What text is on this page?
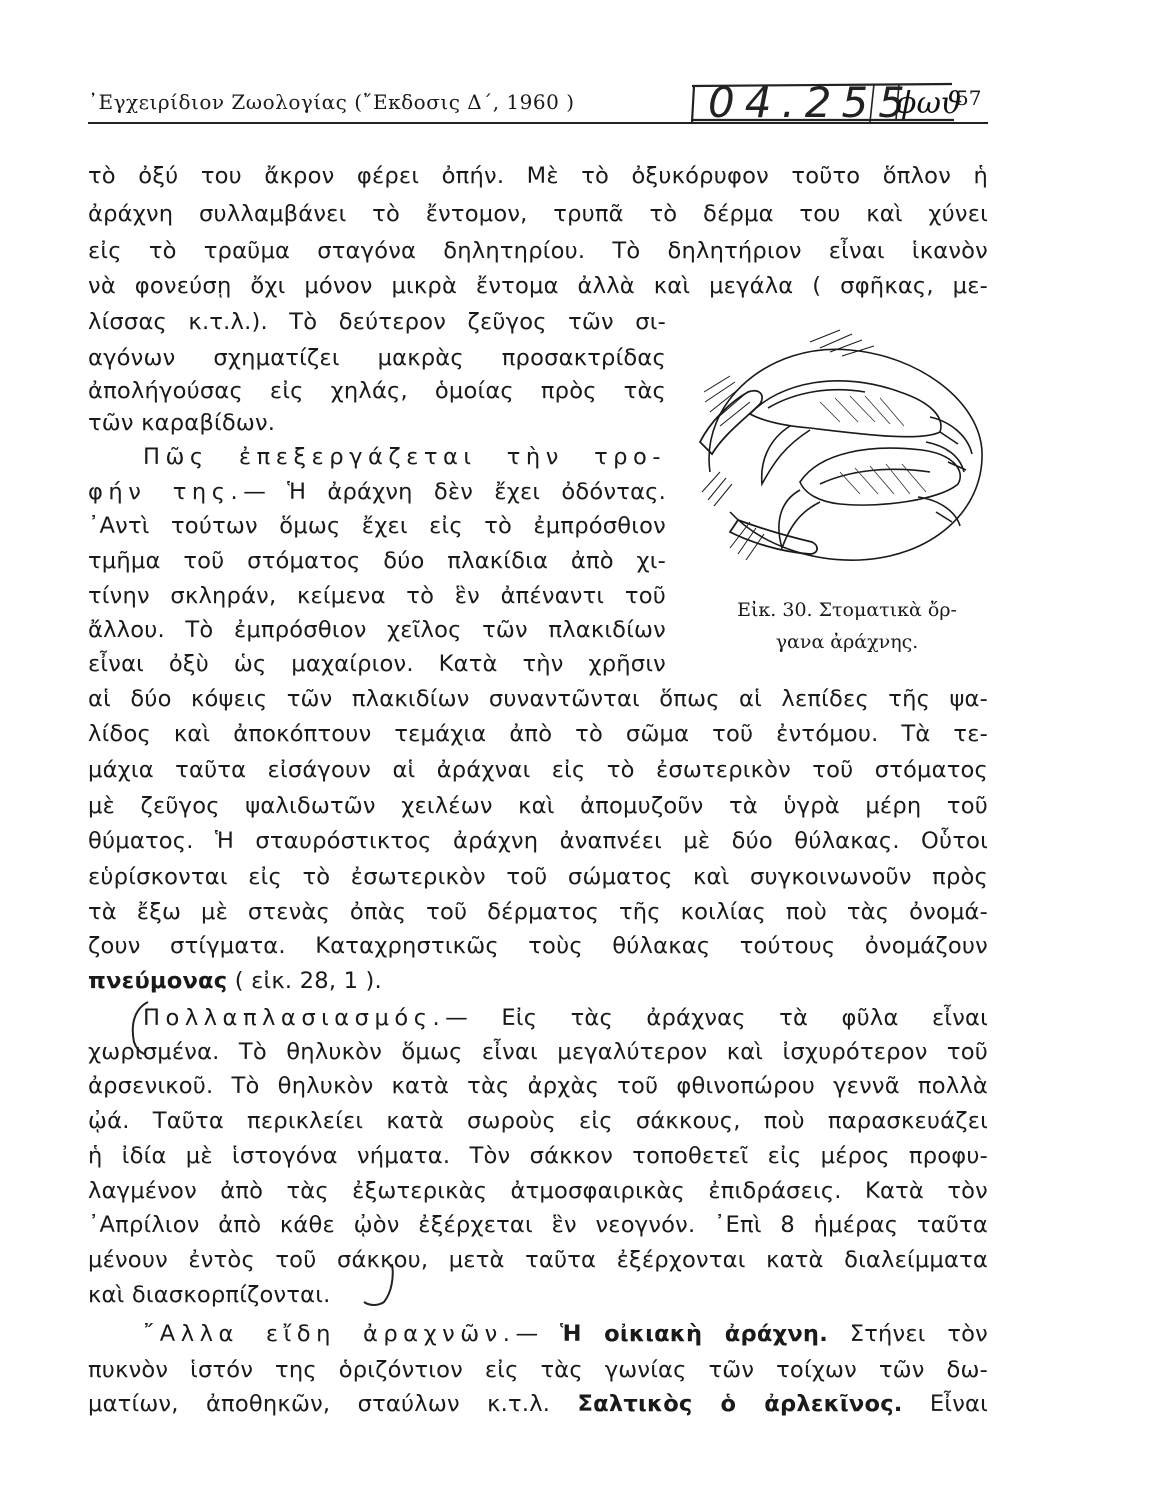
᾿Εγχειρίδιον Ζωολογίας (῎Εκδοσις Δ΄, 1960 )	04.255
ϕωϑ
57
τὸ ὀξύ του ἄκρον φέρει ὀπήν. Μὲ τὸ ὀξυκόρυφον τοῦτο ὅπλον ἡ
ἀράχνη συλλαμβάνει τὸ ἔντομον, τρυπᾶ τὸ δέρμα του καὶ χύνει
εἰς τὸ τραῦμα σταγόνα δηλητηρίου. Τὸ δηλητήριον εἶναι ἱκανὸν
νὰ φονεύσῃ ὄχι μόνον μικρὰ ἔντομα ἀλλὰ καὶ μεγάλα ( σφῆκας, με-
λίσσας κ.τ.λ.). Τὸ δεύτερον ζεῦγος τῶν σι-
αγόνων σχηματίζει μακρὰς προσακτρίδας
ἀπολήγούσας εἰς χηλάς, ὁμοίας πρὸς τὰς
τῶν καραβίδων.
Πῶς ἐπεξεργάζεται τὴν τρο-
φήν της.— Ἡ ἀράχνη δὲν ἔχει ὀδόντας.
᾿Αντὶ τούτων ὅμως ἔχει εἰς τὸ ἐμπρόσθιον
τμῆμα τοῦ στόματος δύο πλακίδια ἀπὸ χι-
τίνην σκληράν, κείμενα τὸ ἓν ἀπέναντι τοῦ
ἄλλου. Τὸ ἐμπρόσθιον χεῖλος τῶν πλακιδίων
εἶναι ὀξὺ ὡς μαχαίριον. Κατὰ τὴν χρῆσιν
Εἰκ. 30. Στοματικὰ ὄρ-
γανα ἀράχνης.
αἱ δύο κόψεις τῶν πλακιδίων συναντῶνται ὅπως αἱ λεπίδες τῆς ψα-
λίδος καὶ ἀποκόπτουν τεμάχια ἀπὸ τὸ σῶμα τοῦ ἐντόμου. Τὰ τε-
μάχια ταῦτα εἰσάγουν αἱ ἀράχναι εἰς τὸ ἐσωτερικὸν τοῦ στόματος
μὲ ζεῦγος ψαλιδωτῶν χειλέων καὶ ἀπομυζοῦν τὰ ὑγρὰ μέρη τοῦ
θύματος. Ἡ σταυρόστικτος ἀράχνη ἀναπνέει μὲ δύο θύλακας. Οὗτοι
εὑρίσκονται εἰς τὸ ἐσωτερικὸν τοῦ σώματος καὶ συγκοινωνοῦν πρὸς
τὰ ἔξω μὲ στενὰς ὀπὰς τοῦ δέρματος τῆς κοιλίας ποὺ τὰς ὀνομά-
ζουν στίγματα. Καταχρηστικῶς τοὺς θύλακας τούτους ὀνομάζουν
πνεύμονας ( εἰκ. 28, 1 ).
Πολλαπλασιασμός.— Εἰς τὰς ἀράχνας τὰ φῦλα εἶναι
χωρισμένα. Τὸ θηλυκὸν ὅμως εἶναι μεγαλύτερον καὶ ἰσχυρότερον τοῦ
ἀρσενικοῦ. Τὸ θηλυκὸν κατὰ τὰς ἀρχὰς τοῦ φθινοπώρου γεννᾶ πολλὰ
ᾠά. Ταῦτα περικλείει κατὰ σωροὺς εἰς σάκκους, ποὺ παρασκευάζει
ἡ ἰδία μὲ ἱστογόνα νήματα. Τὸν σάκκον τοποθετεῖ εἰς μέρος προφυ-
λαγμένον ἀπὸ τὰς ἐξωτερικὰς ἀτμοσφαιρικὰς ἐπιδράσεις. Κατὰ τὸν
᾿Απρίλιον ἀπὸ κάθε ᾠὸν ἐξέρχεται ἓν νεογνόν. ᾿Επὶ 8 ἡμέρας ταῦτα
μένουν ἐντὸς τοῦ σάκκου, μετὰ ταῦτα ἐξέρχονται κατὰ διαλείμματα
καὶ διασκορπίζονται.
῎Αλλα εἴδη ἀραχνῶν.— Ἡ οἰκιακὴ ἀράχνη. Στήνει τὸν
πυκνὸν ἱστόν της ὁριζόντιον εἰς τὰς γωνίας τῶν τοίχων τῶν δω-
ματίων, ἀποθηκῶν, σταύλων κ.τ.λ. Σαλτικὸς ὁ ἀρλεκῖνος. Εἶναι
